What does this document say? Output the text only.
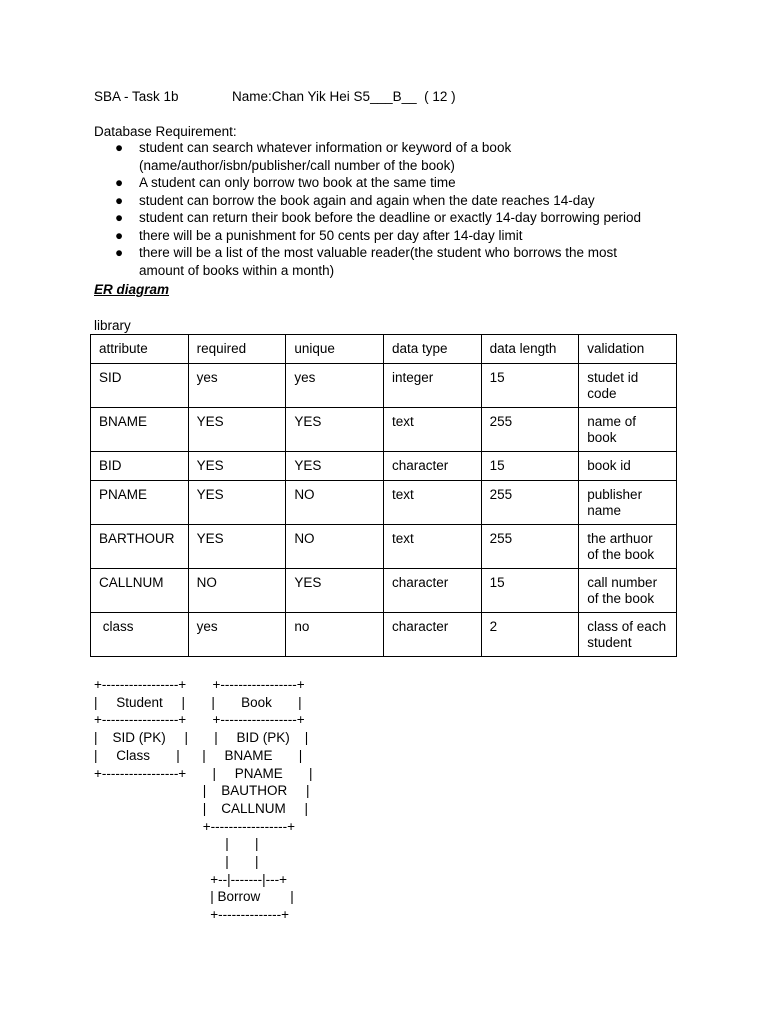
SBA - Task 1b	Name:Chan Yik Hei S5___B__  ( 12 )
Database Requirement:
● student can search whatever information or keyword of a book
(name/author/isbn/publisher/call number of the book)
● A student can only borrow two book at the same time
● student can borrow the book again and again when the date reaches 14-day
● student can return their book before the deadline or exactly 14-day borrowing period
● there will be a punishment for 50 cents per day after 14-day limit
● there will be a list of the most valuable reader(the student who borrows the most
amount of books within a month)
ER diagram
library
attribute	required	unique	data type	data length	validation
SID	yes	yes	integer	15	studet id
code
BNAME	YES	YES	text	255	name of
book
BID	YES	YES	character	15	book id
PNAME	YES	NO	text	255	publisher
name
BARTHOUR	YES	NO	text	255	the arthuor
of the book
CALLNUM	NO	YES	character	15	call number
of the book
class	yes	no	character	2	class of each
student
+-----------------+       +-----------------+
|     Student     |       |       Book       |
+-----------------+       +-----------------+
|    SID (PK)     |       |     BID (PK)    |
|     Class       |      |     BNAME       |
+-----------------+       |     PNAME       |
|    BAUTHOR     |
|    CALLNUM     |
+-----------------+
|       |
|       |
+--|-------|---+
| Borrow        |
+--------------+
